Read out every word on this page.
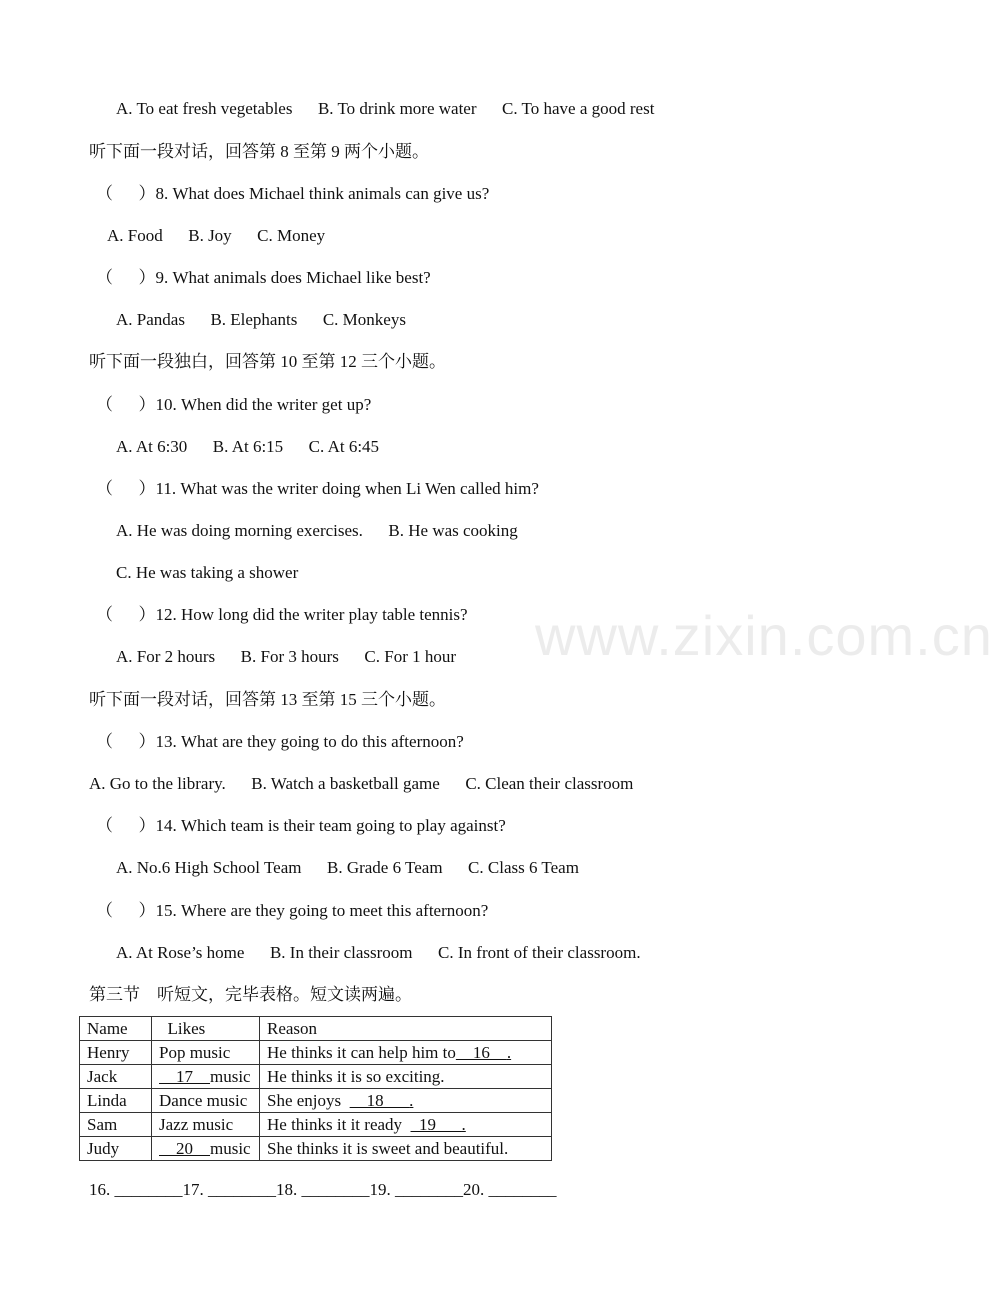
www.zixin.com.cn
A. To eat fresh vegetables      B. To drink more water      C. To have a good rest
听下面一段对话，回答第 8 至第 9 两个小题。
（      ）8. What does Michael think animals can give us?
A. Food      B. Joy      C. Money
（      ）9. What animals does Michael like best?
A. Pandas      B. Elephants      C. Monkeys
听下面一段独白，回答第 10 至第 12 三个小题。
（      ）10. When did the writer get up?
A. At 6:30      B. At 6:15      C. At 6:45
（      ）11. What was the writer doing when Li Wen called him?
A. He was doing morning exercises.      B. He was cooking
C. He was taking a shower
（      ）12. How long did the writer play table tennis?
A. For 2 hours      B. For 3 hours      C. For 1 hour
听下面一段对话，回答第 13 至第 15 三个小题。
（      ）13. What are they going to do this afternoon?
A. Go to the library.      B. Watch a basketball game      C. Clean their classroom
（      ）14. Which team is their team going to play against?
A. No.6 High School Team      B. Grade 6 Team      C. Class 6 Team
（      ）15. Where are they going to meet this afternoon?
A. At Rose’s home      B. In their classroom      C. In front of their classroom.
第三节    听短文，完毕表格。短文读两遍。
Name	Likes	Reason
Henry	Pop music	He thinks it can help him to    16    .
Jack	17    music	He thinks it is so exciting.
Linda	Dance music	She enjoys      18      .
Sam	Jazz music	He thinks it it ready    19      .
Judy	20    music	She thinks it is sweet and beautiful.
16. ________17. ________18. ________19. ________20. ________
